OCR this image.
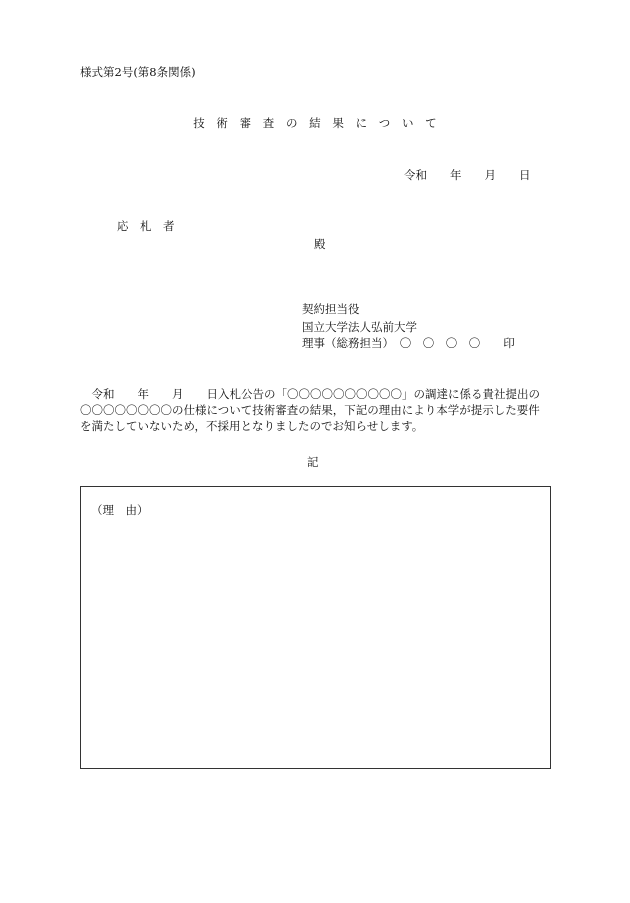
様式第2号(第8条関係)
技　術　審　査　の　結　果　に　つ　い　て
令和　　年　　月　　日
応　札　者
殿
契約担当役
国立大学法人弘前大学
理事（総務担当）　〇　〇　〇　〇　　印
　令和　　年　　月　　日入札公告の「〇〇〇〇〇〇〇〇〇〇」の調達に係る貴社提出の
〇〇〇〇〇〇〇〇の仕様について技術審査の結果，下記の理由により本学が提示した要件
を満たしていないため，不採用となりましたのでお知らせします。
記
（理　由）
